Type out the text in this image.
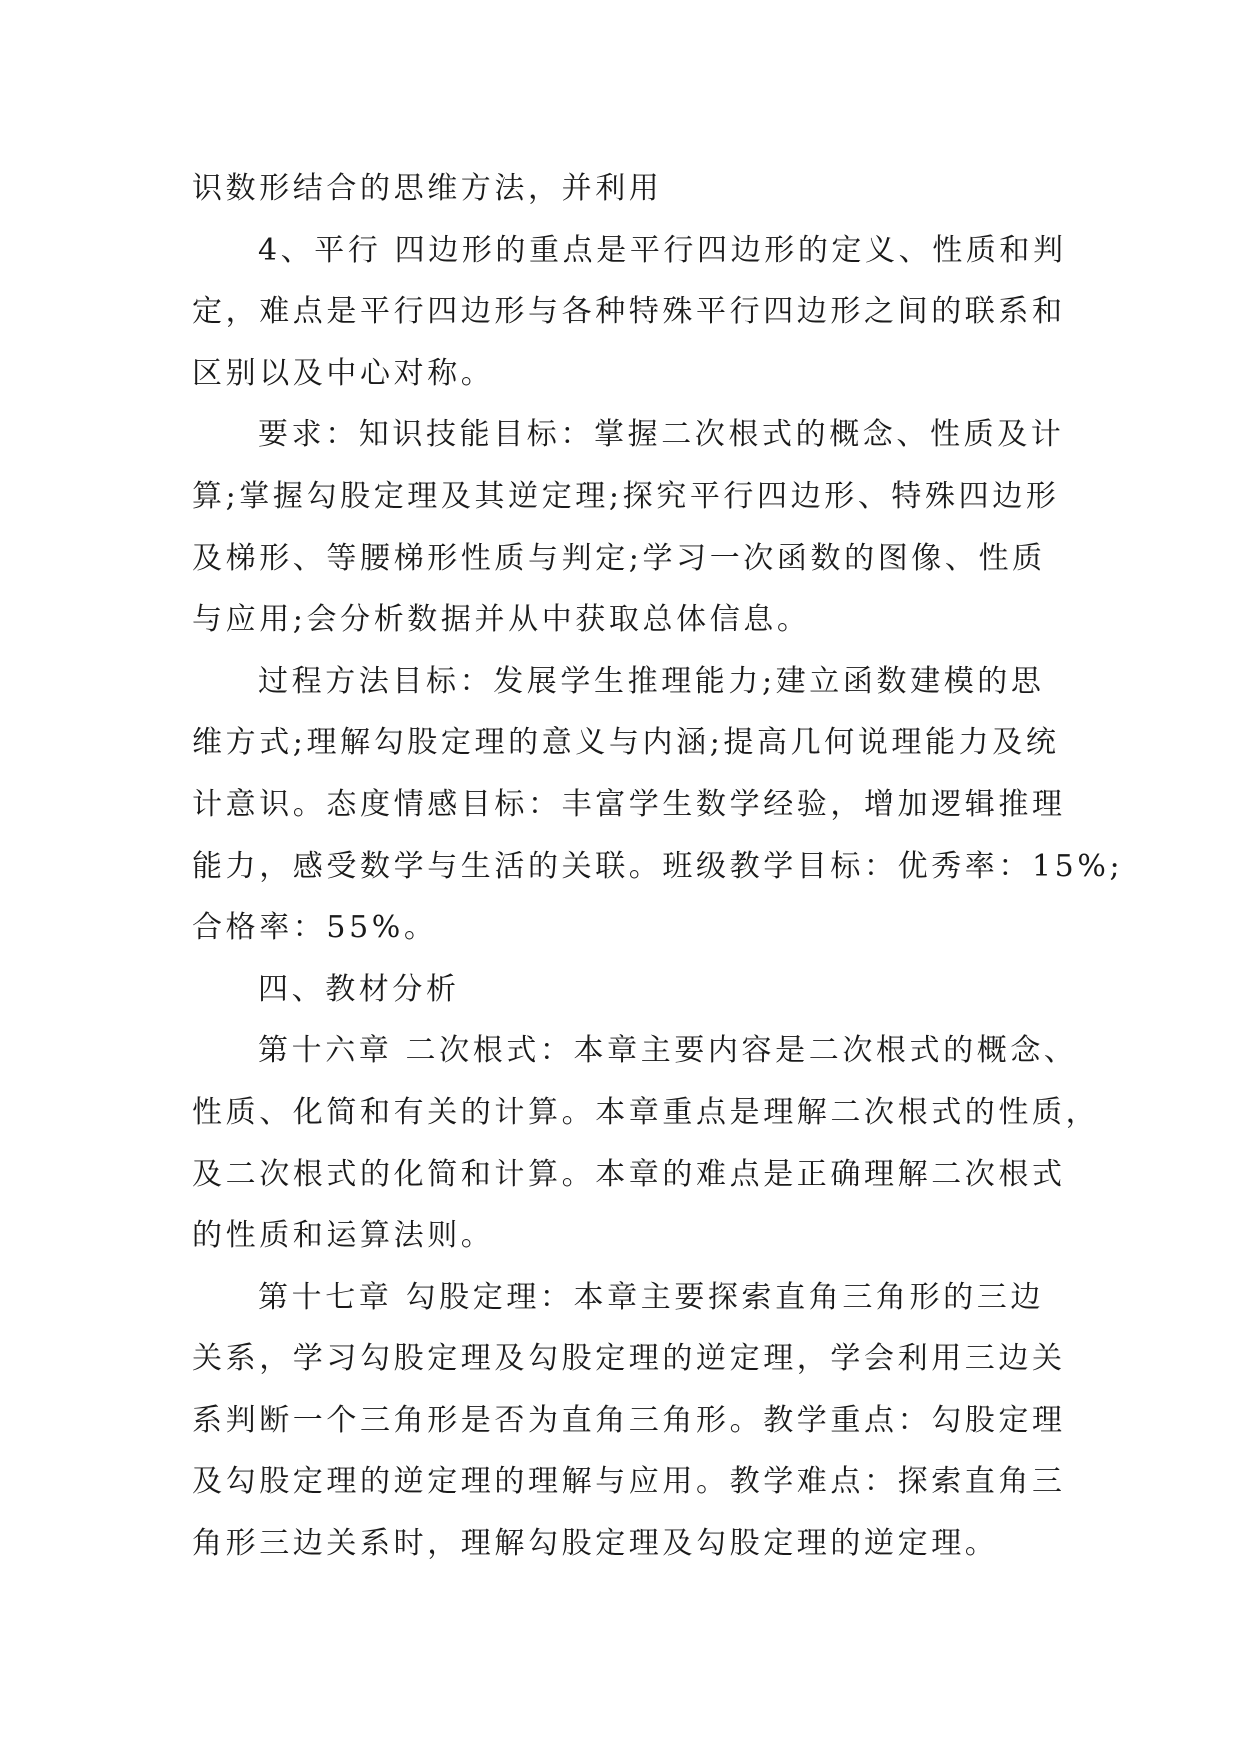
识数形结合的思维方法，并利用
4、平行 四边形的重点是平行四边形的定义、性质和判
定，难点是平行四边形与各种特殊平行四边形之间的联系和
区别以及中心对称。
要求：知识技能目标：掌握二次根式的概念、性质及计
算;掌握勾股定理及其逆定理;探究平行四边形、特殊四边形
及梯形、等腰梯形性质与判定;学习一次函数的图像、性质
与应用;会分析数据并从中获取总体信息。
过程方法目标：发展学生推理能力;建立函数建模的思
维方式;理解勾股定理的意义与内涵;提高几何说理能力及统
计意识。态度情感目标：丰富学生数学经验，增加逻辑推理
能力，感受数学与生活的关联。班级教学目标：优秀率：15%;
合格率：55%。
四、教材分析
第十六章 二次根式：本章主要内容是二次根式的概念、
性质、化简和有关的计算。本章重点是理解二次根式的性质，
及二次根式的化简和计算。本章的难点是正确理解二次根式
的性质和运算法则。
第十七章 勾股定理：本章主要探索直角三角形的三边
关系，学习勾股定理及勾股定理的逆定理，学会利用三边关
系判断一个三角形是否为直角三角形。教学重点：勾股定理
及勾股定理的逆定理的理解与应用。教学难点：探索直角三
角形三边关系时，理解勾股定理及勾股定理的逆定理。
